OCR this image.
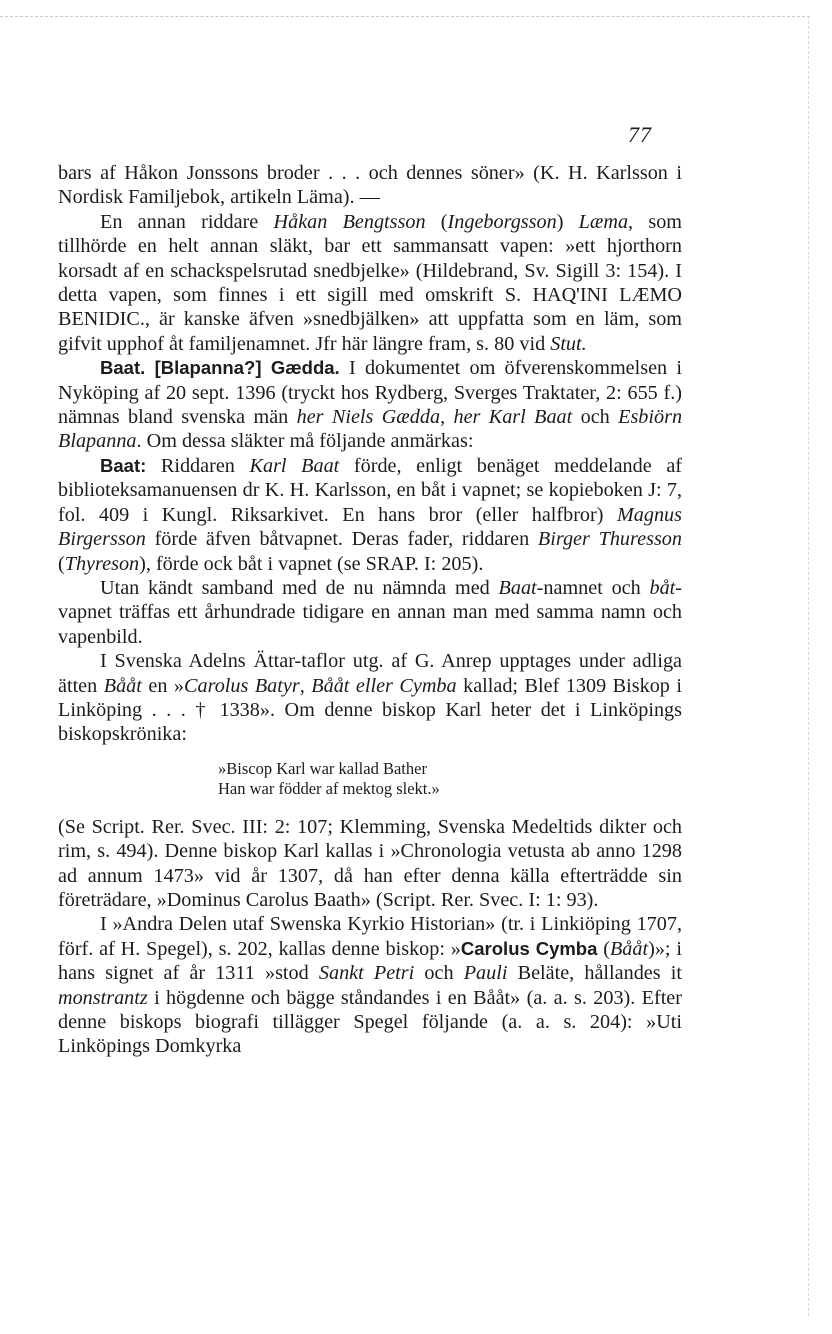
77

bars af Håkon Jonssons broder . . . och dennes söner» (K. H. Karlsson i Nordisk Familjebok, artikeln Läma). —

En annan riddare Håkan Bengtsson (Ingeborgsson) Læma, som tillhörde en helt annan släkt, bar ett sammansatt vapen: »ett hjorthorn korsadt af en schackspelsrutad snedbjelke» (Hildebrand, Sv. Sigill 3: 154). I detta vapen, som finnes i ett sigill med omskrift S. HAQ'INI LÆMO BENIDIC., är kanske äfven »snedbjälken» att uppfatta som en läm, som gifvit upphof åt familjenamnet. Jfr här längre fram, s. 80 vid Stut.

Baat. [Blapanna?] Gædda. I dokumentet om öfverenskommelsen i Nyköping af 20 sept. 1396 (tryckt hos Rydberg, Sverges Traktater, 2: 655 f.) nämnas bland svenska män her Niels Gædda, her Karl Baat och Esbiörn Blapanna. Om dessa släkter må följande anmärkas:

Baat: Riddaren Karl Baat förde, enligt benäget meddelande af biblioteksamanuensen dr K. H. Karlsson, en båt i vapnet; se kopieboken J: 7, fol. 409 i Kungl. Riksarkivet. En hans bror (eller halfbror) Magnus Birgersson förde äfven båtvapnet. Deras fader, riddaren Birger Thuresson (Thyreson), förde ock båt i vapnet (se SRAP. I: 205).

Utan kändt samband med de nu nämnda med Baat-namnet och båt-vapnet träffas ett århundrade tidigare en annan man med samma namn och vapenbild.

I Svenska Adelns Ättar-taflor utg. af G. Anrep upptages under adliga ätten Bååt en »Carolus Batyr, Bååt eller Cymba kallad; Blef 1309 Biskop i Linköping . . . † 1338». Om denne biskop Karl heter det i Linköpings biskopskrönika:

»Biscop Karl war kallad Bather
Han war födder af mektog slekt.»

(Se Script. Rer. Svec. III: 2: 107; Klemming, Svenska Medeltids dikter och rim, s. 494). Denne biskop Karl kallas i »Chronologia vetusta ab anno 1298 ad annum 1473» vid år 1307, då han efter denna källa efterträdde sin företrädare, »Dominus Carolus Baath» (Script. Rer. Svec. I: 1: 93).

I »Andra Delen utaf Swenska Kyrkio Historian» (tr. i Linkiöping 1707, förf. af H. Spegel), s. 202, kallas denne biskop: »Carolus Cymba (Bååt)»; i hans signet af år 1311 »stod Sankt Petri och Pauli Beläte, hållandes it monstrantz i högdenne och bägge ståndandes i en Bååt» (a. a. s. 203). Efter denne biskops biografi tillägger Spegel följande (a. a. s. 204): »Uti Linköpings Domkyrka
